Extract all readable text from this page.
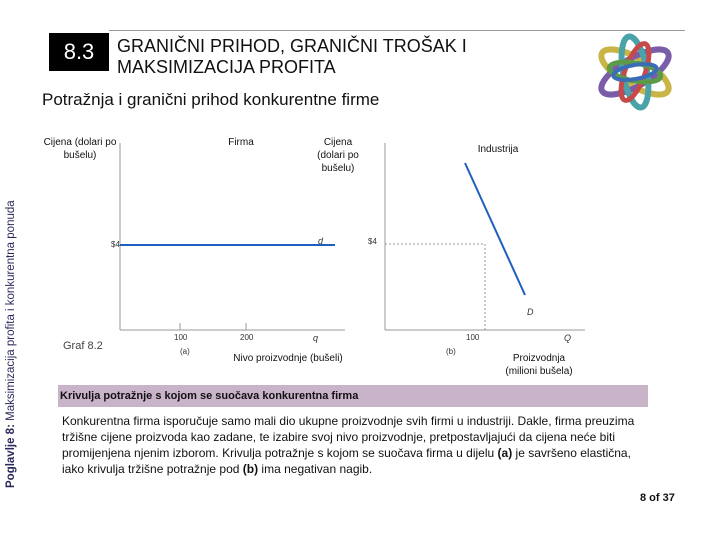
8.3	GRANIČNI PRIHOD, GRANIČNI TROŠAK I MAKSIMIZACIJA PROFITA
Potražnja i granični prihod konkurentne firme
Poglavlje 8: Maksimizacija profita i konkurentna ponuda
Cijena (dolari po bušelu)
Firma
$4	d
100	200	q
(a)
Nivo proizvodnje (bušeli)
Cijena (dolari po bušelu)
Industrija
$4
D
100	Q
(b)
Proizvodnja (milioni bušela)
Graf 8.2
Krivulja potražnje s kojom se suočava konkurentna firma
Konkurentna firma isporučuje samo mali dio ukupne proizvodnje svih firmi u industriji. Dakle, firma preuzima tržišne cijene proizvoda kao zadane, te izabire svoj nivo proizvodnje, pretpostavljajući da cijena neće biti promijenjena njenim izborom. Krivulja potražnje s kojom se suočava firma u dijelu (a) je savršeno elastična, iako krivulja tržišne potražnje pod (b) ima negativan nagib.
8 of 37
